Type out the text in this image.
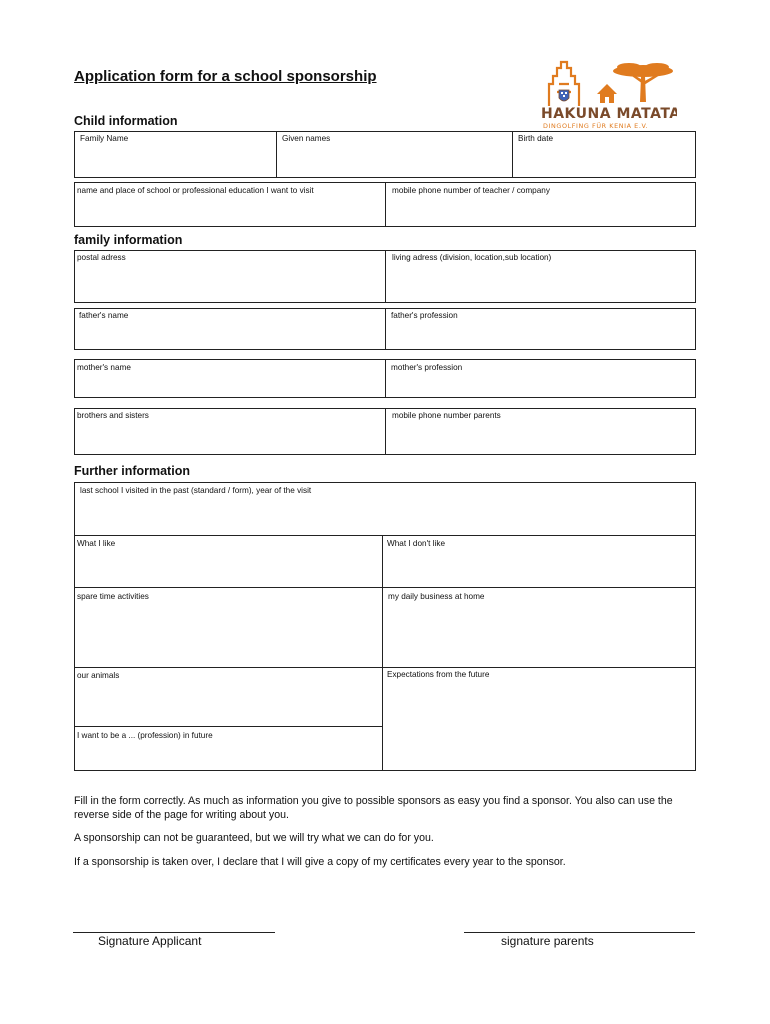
Application form for a school sponsorship
HAKUNA MATATA
DINGOLFING FÜR KENIA E.V.
Child information
Family Name	Given names	Birth date
name and place of school or professional education I want to visit	mobile phone number of teacher / company
family information
postal adress	living adress (division, location,sub location)
father's name	father's profession
mother's name	mother's profession
brothers and sisters	mobile phone number parents
Further information
last school I visited in the past (standard / form), year of the visit
What I like	What I don't like
spare time activities	my daily business at home
our animals	Expectations from the future
I want to be a ... (profession) in future
Fill in the form correctly. As much as information you give to possible sponsors as easy you find a sponsor. You also can use the reverse side of the page for writing about you.
A sponsorship can not be guaranteed, but we will try what we can do for you.
If a sponsorship is taken over, I declare that I will give a copy of my certificates every year to the sponsor.
Signature Applicant	signature parents
